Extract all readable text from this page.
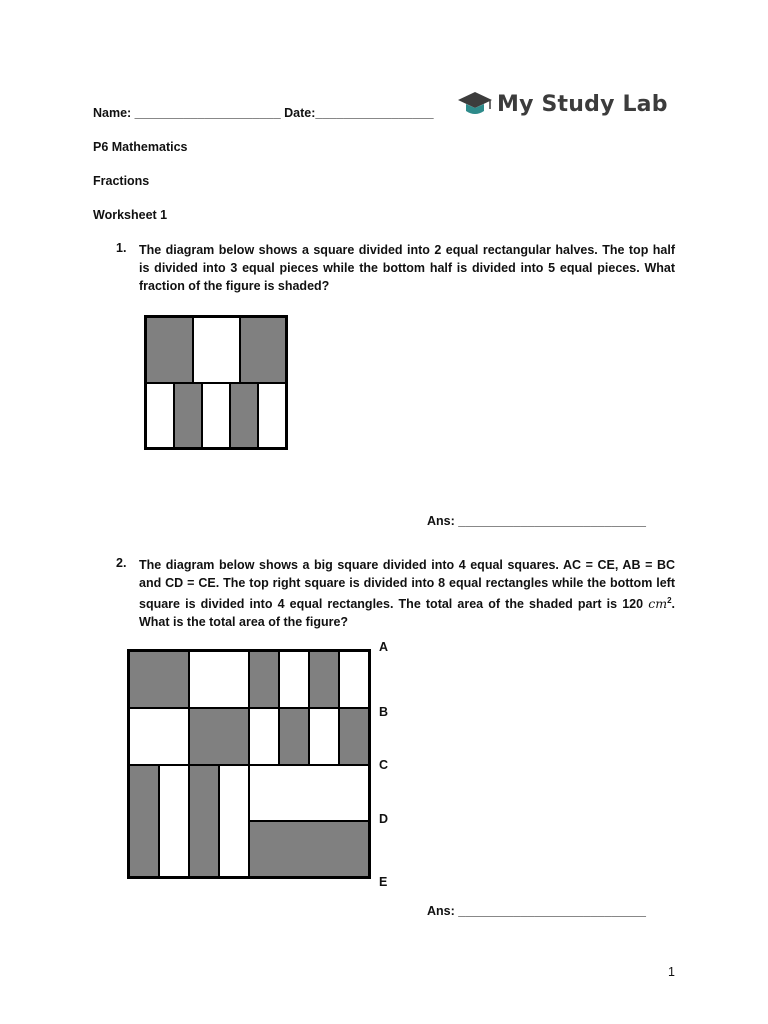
Name: _____________________ Date:_________________	My Study Lab
P6 Mathematics
Fractions
Worksheet 1
1. The diagram below shows a square divided into 2 equal rectangular halves. The top half is divided into 3 equal pieces while the bottom half is divided into 5 equal pieces. What fraction of the figure is shaded?
Ans: ___________________________
2. The diagram below shows a big square divided into 4 equal squares. AC = CE, AB = BC and CD = CE. The top right square is divided into 8 equal rectangles while the bottom left square is divided into 4 equal rectangles. The total area of the shaded part is 120 $cm^2$. What is the total area of the figure?
A
B
C
D
E
Ans: ___________________________
1
